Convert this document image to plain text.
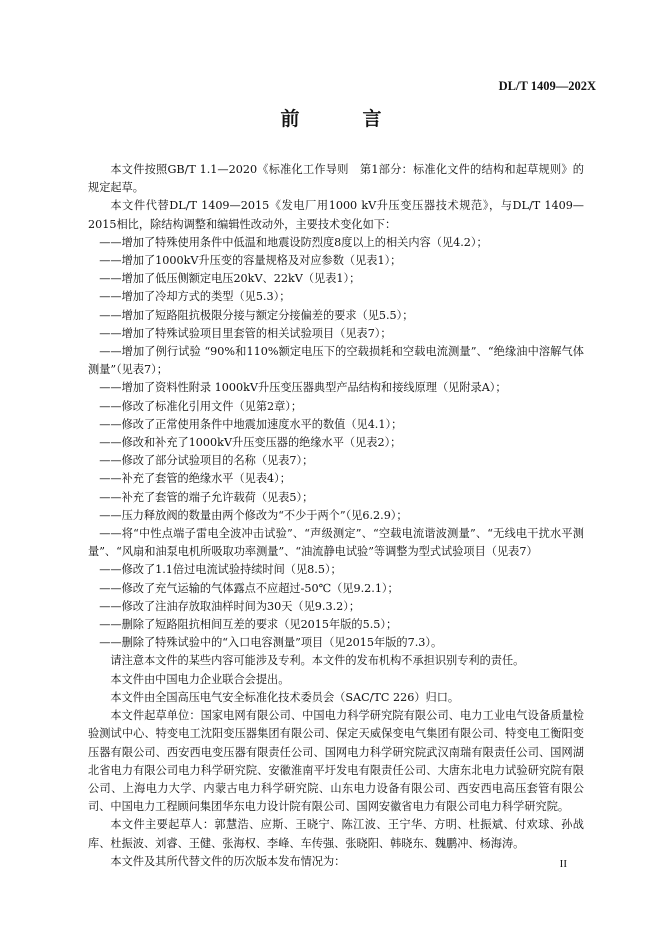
DL/T 1409—202X
前　言

本文件按照GB/T 1.1—2020《标准化工作导则　第1部分：标准化文件的结构和起草规则》的规定起草。

本文件代替DL/T 1409—2015《发电厂用1000 kV升压变压器技术规范》，与DL/T 1409—2015相比，除结构调整和编辑性改动外，主要技术变化如下：

——增加了特殊使用条件中低温和地震设防烈度8度以上的相关内容（见4.2）；

——增加了1000kV升压变的容量规格及对应参数（见表1）；

——增加了低压侧额定电压20kV、22kV（见表1）；

——增加了冷却方式的类型（见5.3）；

——增加了短路阻抗极限分接与额定分接偏差的要求（见5.5）；

——增加了特殊试验项目里套管的相关试验项目（见表7）；

——增加了例行试验 “90%和110%额定电压下的空载损耗和空载电流测量”、“绝缘油中溶解气体测量”（见表7）；

——增加了资料性附录 1000kV升压变压器典型产品结构和接线原理（见附录A）；

——修改了标准化引用文件（见第2章）；

——修改了正常使用条件中地震加速度水平的数值（见4.1）；

——修改和补充了1000kV升压变压器的绝缘水平（见表2）；

——修改了部分试验项目的名称（见表7）；

——补充了套管的绝缘水平（见表4）；

——补充了套管的端子允许载荷（见表5）；

——压力释放阀的数量由两个修改为“不少于两个”（见6.2.9）；

——将“中性点端子雷电全波冲击试验”、“声级测定”、“空载电流谐波测量”、“无线电干扰水平测量”、“风扇和油泵电机所吸取功率测量”、“油流静电试验”等调整为型式试验项目（见表7）

——修改了1.1倍过电流试验持续时间（见8.5）；

——修改了充气运输的气体露点不应超过-50℃（见9.2.1）；

——修改了注油存放取油样时间为30天（见9.3.2）；

——删除了短路阻抗相间互差的要求（见2015年版的5.5）；

——删除了特殊试验中的“入口电容测量”项目（见2015年版的7.3）。

请注意本文件的某些内容可能涉及专利。本文件的发布机构不承担识别专利的责任。

本文件由中国电力企业联合会提出。

本文件由全国高压电气安全标准化技术委员会（SAC/TC 226）归口。

本文件起草单位：国家电网有限公司、中国电力科学研究院有限公司、电力工业电气设备质量检验测试中心、特变电工沈阳变压器集团有限公司、保定天威保变电气集团有限公司、特变电工衡阳变压器有限公司、西安西电变压器有限责任公司、国网电力科学研究院武汉南瑞有限责任公司、国网湖北省电力有限公司电力科学研究院、安徽淮南平圩发电有限责任公司、大唐东北电力试验研究院有限公司、上海电力大学、内蒙古电力科学研究院、山东电力设备有限公司、西安西电高压套管有限公司、中国电力工程顾问集团华东电力设计院有限公司、国网安徽省电力有限公司电力科学研究院。

本文件主要起草人：郭慧浩、应斯、王晓宁、陈江波、王宁华、方明、杜振斌、付欢球、孙战库、杜振波、刘睿、王健、张海权、李峰、车传强、张晓阳、韩晓东、魏鹏冲、杨海涛。

本文件及其所代替文件的历次版本发布情况为：	II
